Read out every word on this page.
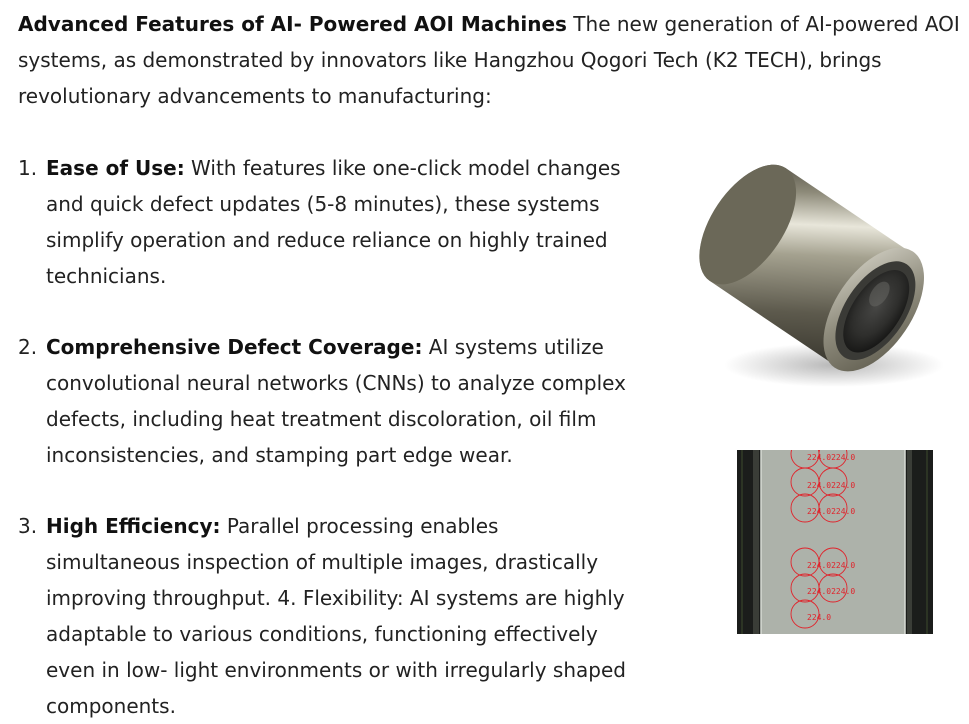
Advanced Features of AI- Powered AOI Machines The new generation of AI-powered AOI systems, as demonstrated by innovators like Hangzhou Qogori Tech (K2 TECH), brings revolutionary advancements to manufacturing:

1. Ease of Use: With features like one-click model changes and quick defect updates (5-8 minutes), these systems simplify operation and reduce reliance on highly trained technicians.
2. Comprehensive Defect Coverage: AI systems utilize convolutional neural networks (CNNs) to analyze complex defects, including heat treatment discoloration, oil film inconsistencies, and stamping part edge wear.
3. High Efficiency: Parallel processing enables simultaneous inspection of multiple images, drastically improving throughput. 4. Flexibility: AI systems are highly adaptable to various conditions, functioning effectively even in low- light environments or with irregularly shaped components.
224.0224.0
224.0224.0
224.0224.0
224.0224.0
224.0224.0
224.0
